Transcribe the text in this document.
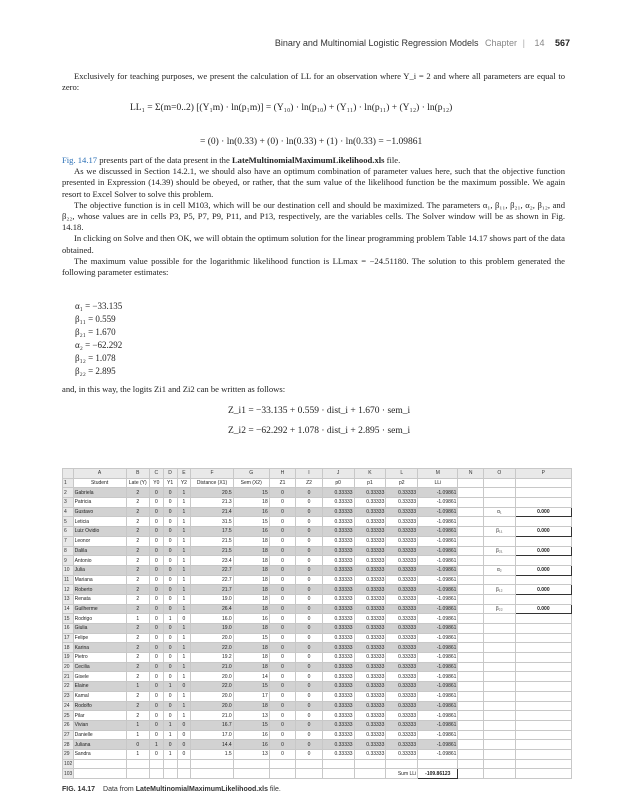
Binary and Multinomial Logistic Regression Models Chapter | 14 567

Exclusively for teaching purposes, we present the calculation of LL for an observation where Y_i = 2 and where all parameters are equal to zero:

LL₁ = Σ(m=0..2) [(Y₁m) · ln(p₁m)] = (Y₁₀) · ln(p₁₀) + (Y₁₁) · ln(p₁₁) + (Y₁₂) · ln(p₁₂)
= (0) · ln(0.33) + (0) · ln(0.33) + (1) · ln(0.33) = −1.09861

Fig. 14.17 presents part of the data present in the LateMultinomialMaximumLikelihood.xls file.

As we discussed in Section 14.2.1, we should also have an optimum combination of parameter values here, such that the objective function presented in Expression (14.39) should be obeyed, or rather, that the sum value of the likelihood function be the maximum possible. We again resort to Excel Solver to solve this problem.

The objective function is in cell M103, which will be our destination cell and should be maximized. The parameters α₁, β₁₁, β₂₁, α₂, β₁₂, and β₂₂, whose values are in cells P3, P5, P7, P9, P11, and P13, respectively, are the variables cells. The Solver window will be as shown in Fig. 14.18.

In clicking on Solve and then OK, we will obtain the optimum solution for the linear programming problem Table 14.17 shows part of the data obtained.

The maximum value possible for the logarithmic likelihood function is LLmax = −24.51180. The solution to this problem generated the following parameter estimates:

α₁ = −33.135
β₁₁ = 0.559
β₂₁ = 1.670
α₂ = −62.292
β₁₂ = 1.078
β₂₂ = 2.895

and, in this way, the logits Zi1 and Zi2 can be written as follows:

Z_i1 = −33.135 + 0.559 · dist_i + 1.670 · sem_i
Z_i2 = −62.292 + 1.078 · dist_i + 2.895 · sem_i
	A	B	C	D	E	F	G	H	I	J	K	L	M	N	O	P
1	Student	Late (Y)	Y0	Y1	Y2	Distance (X1)	Sem (X2)	Z1	Z2	p0	p1	p2	LLi			
2	Gabriela	2	0	0	1	20.5	15	0	0	0.33333	0.33333	0.33333	-1.09861			
3	Patricia	2	0	0	1	21.3	18	0	0	0.33333	0.33333	0.33333	-1.09861			
4	Gustavo	2	0	0	1	21.4	16	0	0	0.33333	0.33333	0.33333	-1.09861		α₁	0.000
5	Leticia	2	0	0	1	31.5	15	0	0	0.33333	0.33333	0.33333	-1.09861			
6	Luiz Ovidio	2	0	0	1	17.5	16	0	0	0.33333	0.33333	0.33333	-1.09861		β₁₁	0.000
7	Leonor	2	0	0	1	21.5	18	0	0	0.33333	0.33333	0.33333	-1.09861			
8	Dalila	2	0	0	1	21.5	18	0	0	0.33333	0.33333	0.33333	-1.09861		β₂₁	0.000
9	Antonio	2	0	0	1	23.4	18	0	0	0.33333	0.33333	0.33333	-1.09861			
10	Julia	2	0	0	1	22.7	18	0	0	0.33333	0.33333	0.33333	-1.09861		α₂	0.000
11	Mariana	2	0	0	1	22.7	18	0	0	0.33333	0.33333	0.33333	-1.09861			
12	Roberto	2	0	0	1	21.7	18	0	0	0.33333	0.33333	0.33333	-1.09861		β₁₂	0.000
13	Renata	2	0	0	1	19.0	18	0	0	0.33333	0.33333	0.33333	-1.09861			
14	Guilherme	2	0	0	1	26.4	18	0	0	0.33333	0.33333	0.33333	-1.09861		β₂₂	0.000
15	Rodrigo	1	0	1	0	16.0	16	0	0	0.33333	0.33333	0.33333	-1.09861			
16	Giulia	2	0	0	1	19.0	18	0	0	0.33333	0.33333	0.33333	-1.09861			
17	Felipe	2	0	0	1	20.0	15	0	0	0.33333	0.33333	0.33333	-1.09861			
18	Karina	2	0	0	1	22.0	18	0	0	0.33333	0.33333	0.33333	-1.09861			
19	Pietro	2	0	0	1	19.2	18	0	0	0.33333	0.33333	0.33333	-1.09861			
20	Cecilia	2	0	0	1	21.0	18	0	0	0.33333	0.33333	0.33333	-1.09861			
21	Gisele	2	0	0	1	20.0	14	0	0	0.33333	0.33333	0.33333	-1.09861			
22	Elaine	1	0	1	0	22.0	15	0	0	0.33333	0.33333	0.33333	-1.09861			
23	Kamal	2	0	0	1	20.0	17	0	0	0.33333	0.33333	0.33333	-1.09861			
24	Rodolfo	2	0	0	1	20.0	18	0	0	0.33333	0.33333	0.33333	-1.09861			
25	Pilar	2	0	0	1	21.0	13	0	0	0.33333	0.33333	0.33333	-1.09861			
26	Vivian	1	0	1	0	16.7	15	0	0	0.33333	0.33333	0.33333	-1.09861			
27	Danielle	1	0	1	0	17.0	16	0	0	0.33333	0.33333	0.33333	-1.09861			
28	Juliana	0	1	0	0	14.4	16	0	0	0.33333	0.33333	0.33333	-1.09861			
29	Sandra	1	0	1	0	1.5	13	0	0	0.33333	0.33333	0.33333	-1.09861			
102																
103												Sum LLi	-109.86123			
FIG. 14.17 Data from LateMultinomialMaximumLikelihood.xls file.
